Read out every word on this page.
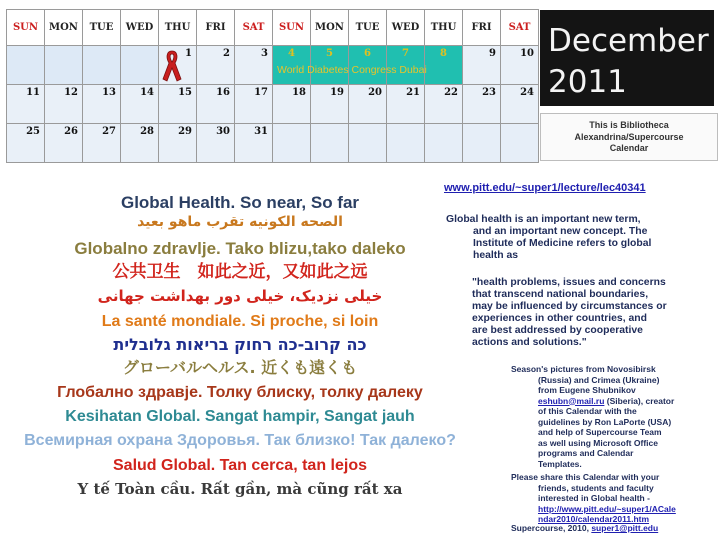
SUN	MON	TUE	WED	THU	FRI	SAT	SUN	MON	TUE	WED	THU	FRI	SAT

				1	2	3	4	5	6	7	8	9	10

11	12	13	14	15	16	17	18	19	20	21	22	23	24

25	26	27	28	29	30	31							

World Diabetes Congress Dubai
December
2011
This is Bibliotheca
Alexandrina/Supercourse
Calendar
Global Health. So near, So far
الصحه الكونيه تقرب ماهو بعيد
Globalno zdravlje. Tako blizu,tako daleko
公共卫生　如此之近，又如此之远
خیلی نزدیک، خیلی دور بهداشت جهانی
La santé mondiale. Si proche, si loin
כה קרוב-כה רחוק בריאות גלובלית
グローバルヘルス. 近くも遠くも
Глобално здравје. Толку блиску, толку далеку
Kesihatan Global. Sangat hampir, Sangat jauh
Всемирная охрана Здоровья. Так близко! Так далеко?
Salud Global. Tan cerca, tan lejos
Y tế Toàn cầu. Rất gần, mà cũng rất xa
www.pitt.edu/~super1/lecture/lec40341
Global health is an important new term,
and an important new concept. The
Institute of Medicine refers to global
health as
"health problems, issues and concerns
that transcend national boundaries,
may be influenced by circumstances or
experiences in other countries, and
are best addressed by cooperative
actions and solutions."
Season's pictures from Novosibirsk
(Russia) and Crimea (Ukraine)
from Eugene Shubnikov
eshubn@mail.ru (Siberia), creator
of this Calendar with the
guidelines by Ron LaPorte (USA)
and help of Supercourse Team
as well using Microsoft Office
programs and Calendar
Templates.
Please share this Calendar with your
friends, students and faculty
interested in Global health -
http://www.pitt.edu/~super1/ACale
ndar2010/calendar2011.htm
Supercourse, 2010, super1@pitt.edu
